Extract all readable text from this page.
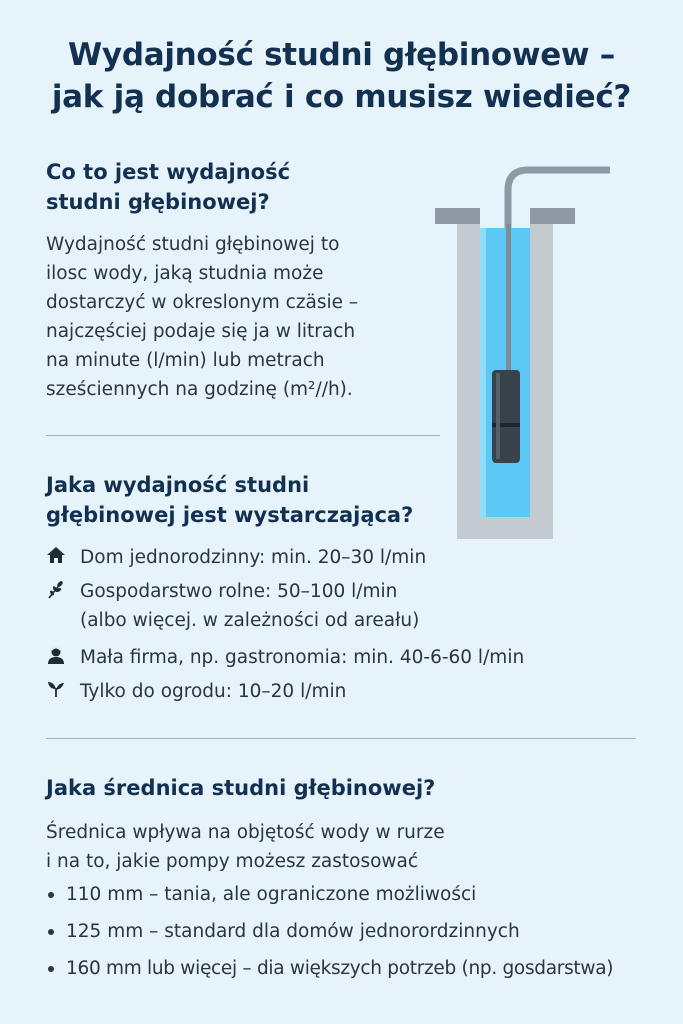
Wydajność studni głębinowew –
jak ją dobrać i co musisz wiedieć?
Co to jest wydajność
studni głębinowej?
Wydajność studni głębinowej to
ilosc wody, jaką studnia może
dostarczyć w okreslonym czäsie –
najczęściej podaje się ja w litrach
na minute (l/min) lub metrach
sześciennych na godzinę (m²//h).
Jaka wydajność studni
głębinowej jest wystarczająca?
Dom jednorodzinny: min. 20–30 l/min
Gospodarstwo rolne: 50–100 l/min
(albo więcej. w zależności od areału)
Mała firma, np. gastronomia: min. 40-6-60 l/min
Tylko do ogrodu: 10–20 l/min
Jaka średnica studni głębinowej?
Średnica wpływa na objętość wody w rurze
i na to, jakie pompy możesz zastosować
110 mm – tania, ale ograniczone możliwości
125 mm – standard dla domów jednorordzinnych
160 mm lub więcej – dia większych potrzeb (np. gosdarstwa)
